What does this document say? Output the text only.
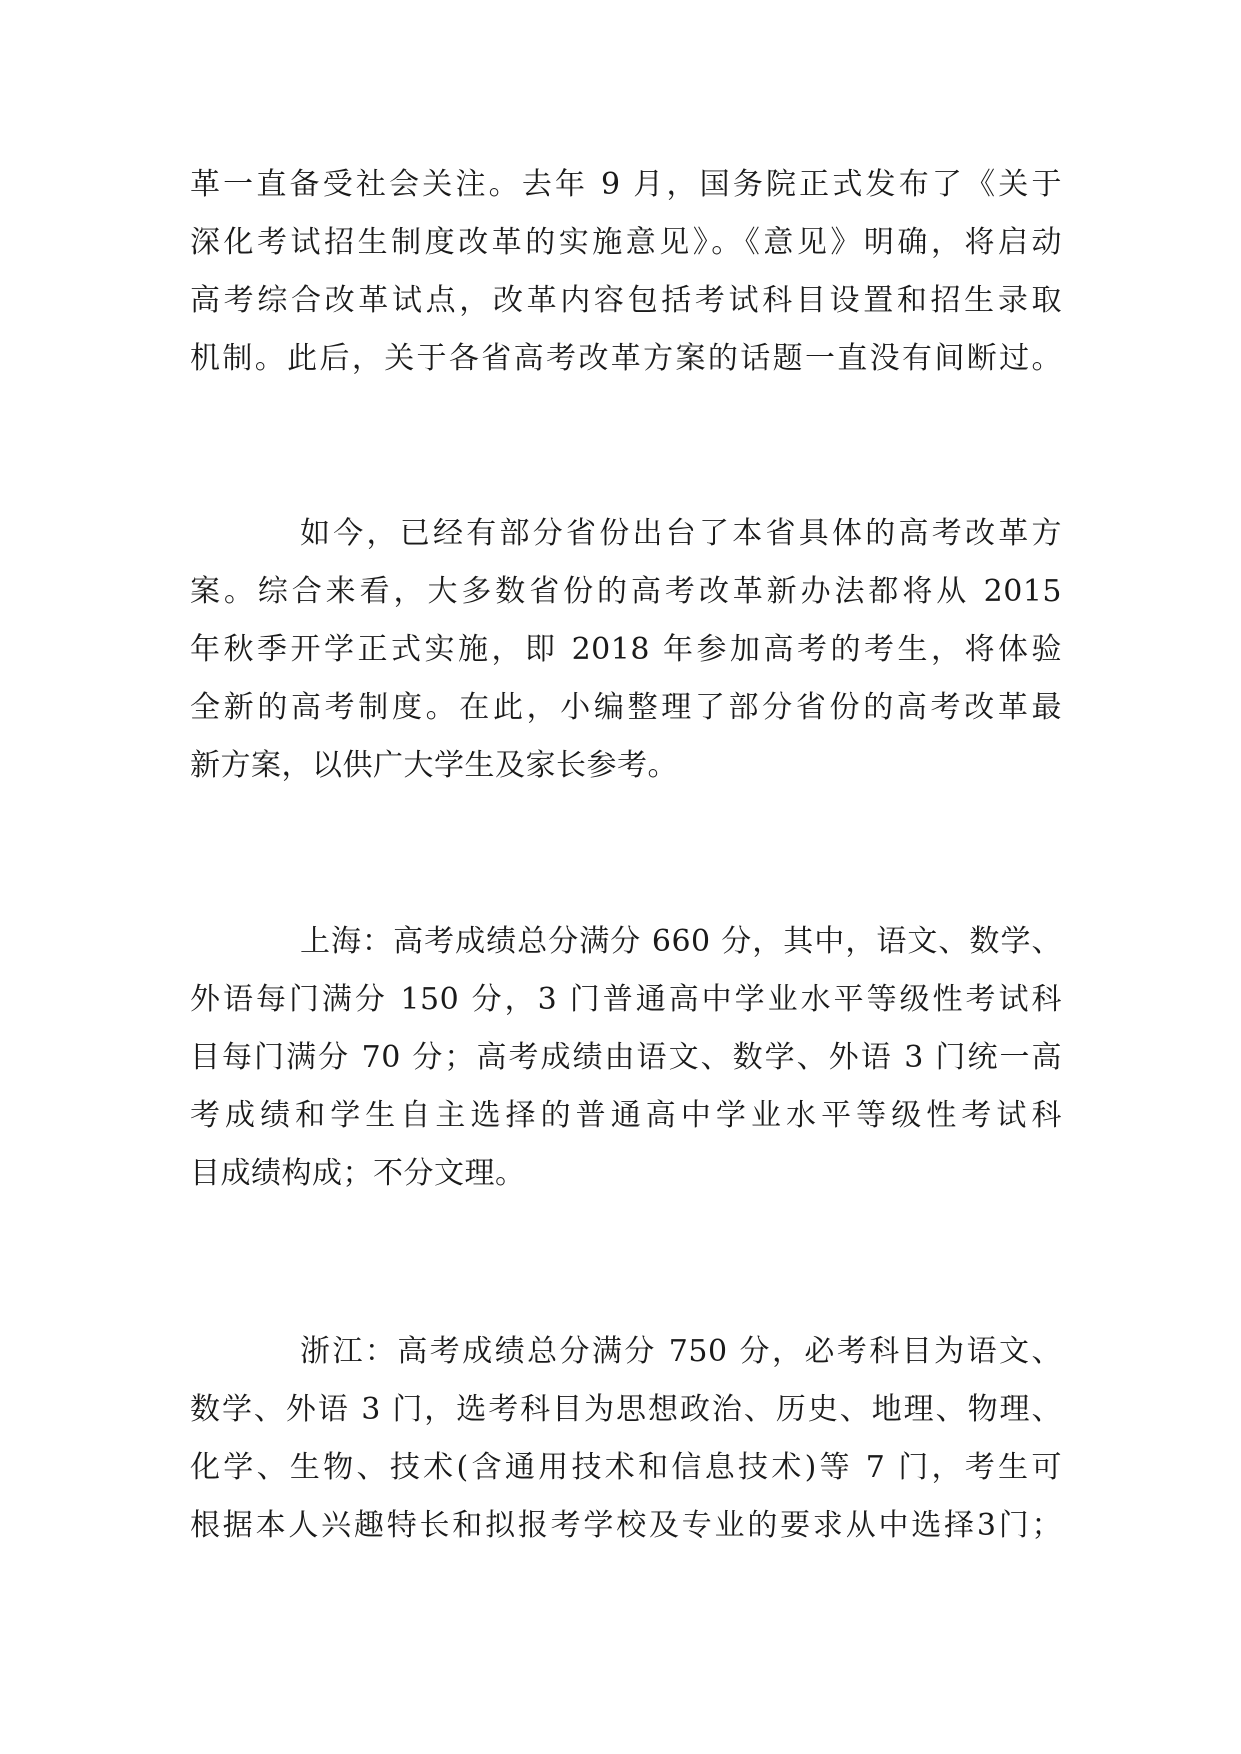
革一直备受社会关注。去年 9 月，国务院正式发布了《关于
深化考试招生制度改革的实施意见》。《意见》明确，将启动
高考综合改革试点，改革内容包括考试科目设置和招生录取
机制。此后，关于各省高考改革方案的话题一直没有间断过。
如今，已经有部分省份出台了本省具体的高考改革方
案。综合来看，大多数省份的高考改革新办法都将从 2015
年秋季开学正式实施，即 2018 年参加高考的考生，将体验
全新的高考制度。在此，小编整理了部分省份的高考改革最
新方案，以供广大学生及家长参考。
上海：高考成绩总分满分 660 分，其中，语文、数学、
外语每门满分 150 分，3 门普通高中学业水平等级性考试科
目每门满分 70 分；高考成绩由语文、数学、外语 3 门统一高
考成绩和学生自主选择的普通高中学业水平等级性考试科
目成绩构成；不分文理。
浙江：高考成绩总分满分 750 分，必考科目为语文、
数学、外语 3 门，选考科目为思想政治、历史、地理、物理、
化学、生物、技术(含通用技术和信息技术)等 7 门，考生可
根据本人兴趣特长和拟报考学校及专业的要求从中选择3门；
